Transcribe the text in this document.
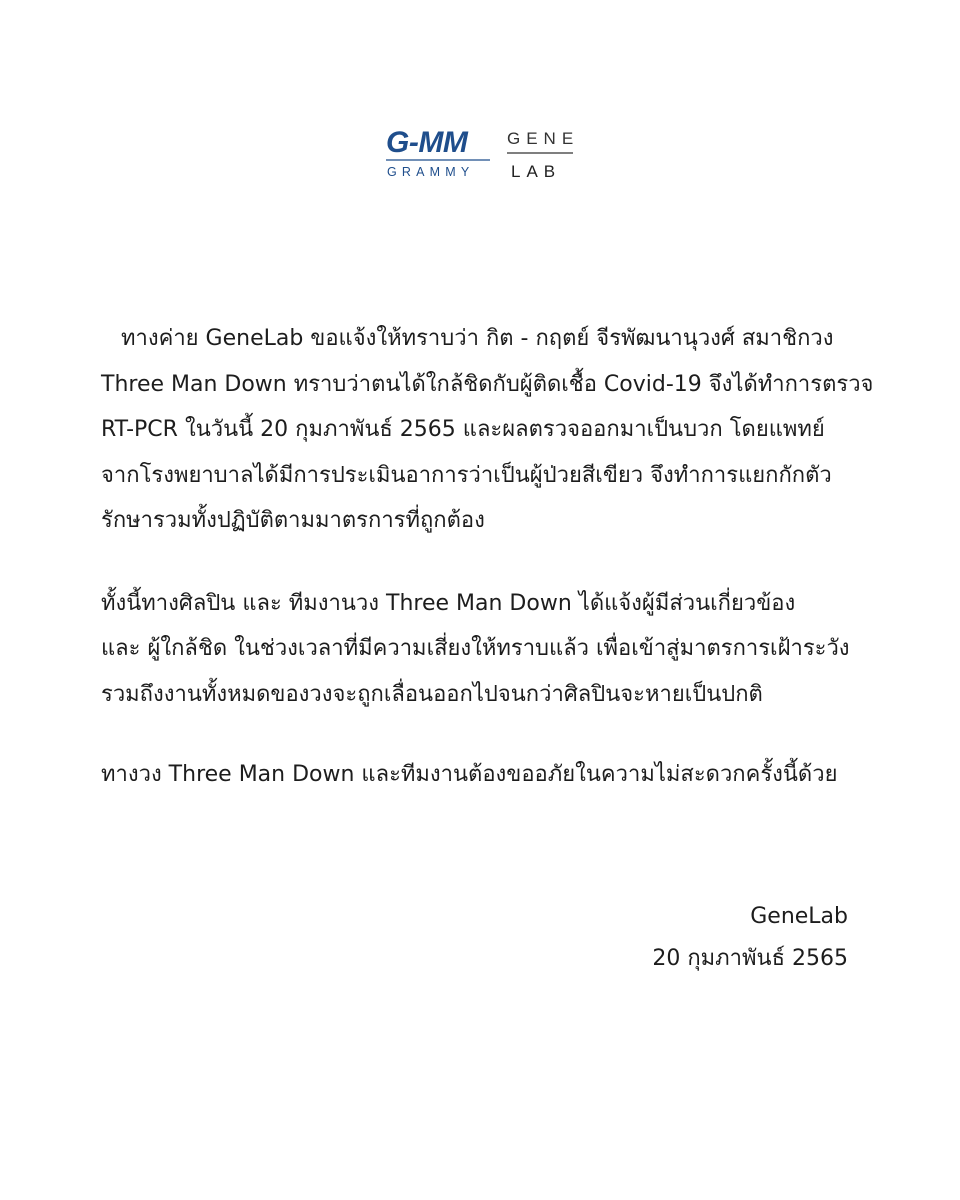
G-MM
GRAMMY
GENE
LAB

ทางค่าย GeneLab ขอแจ้งให้ทราบว่า กิต - กฤตย์ จีรพัฒนานุวงศ์ สมาชิกวง
Three Man Down ทราบว่าตนได้ใกล้ชิดกับผู้ติดเชื้อ Covid-19 จึงได้ทำการตรวจ
RT-PCR ในวันนี้ 20 กุมภาพันธ์ 2565 และผลตรวจออกมาเป็นบวก โดยแพทย์
จากโรงพยาบาลได้มีการประเมินอาการว่าเป็นผู้ป่วยสีเขียว จึงทำการแยกกักตัว
รักษารวมทั้งปฏิบัติตามมาตรการที่ถูกต้อง

ทั้งนี้ทางศิลปิน และ ทีมงานวง Three Man Down ได้แจ้งผู้มีส่วนเกี่ยวข้อง
และ ผู้ใกล้ชิด ในช่วงเวลาที่มีความเสี่ยงให้ทราบแล้ว เพื่อเข้าสู่มาตรการเฝ้าระวัง
รวมถึงงานทั้งหมดของวงจะถูกเลื่อนออกไปจนกว่าศิลปินจะหายเป็นปกติ

ทางวง Three Man Down และทีมงานต้องขออภัยในความไม่สะดวกครั้งนี้ด้วย

GeneLab
20 กุมภาพันธ์ 2565
